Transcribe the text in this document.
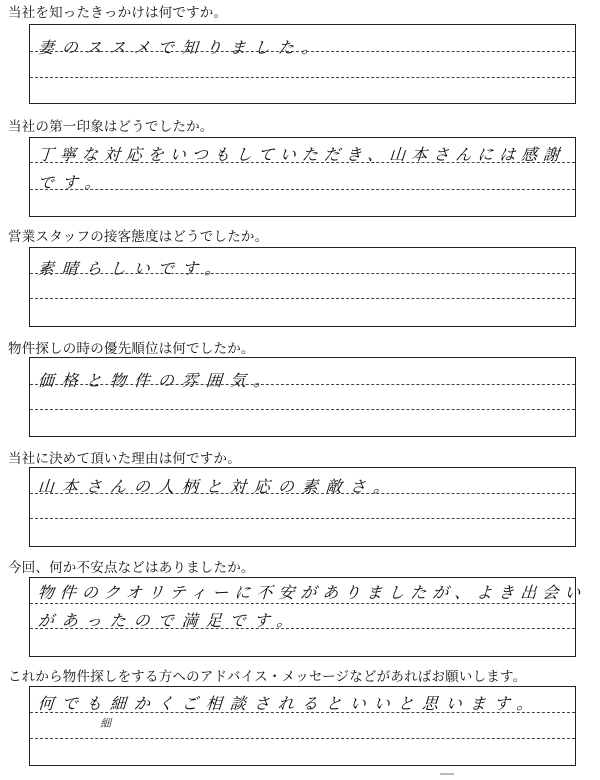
当社を知ったきっかけは何ですか。
妻のススメで知りました。
当社の第一印象はどうでしたか。
丁寧な対応をいつもしていただき、山本さんには感謝
です。
営業スタッフの接客態度はどうでしたか。
素晴らしいです。
物件探しの時の優先順位は何でしたか。
価格と物件の雰囲気。
当社に決めて頂いた理由は何ですか。
山本さんの人柄と対応の素敵さ。
今回、何か不安点などはありましたか。
物件のクオリティーに不安がありましたが、よき出会い
があったので満足です。
これから物件探しをする方へのアドバイス・メッセージなどがあればお願いします。
何でも細かくご相談されるといいと思います。
細
